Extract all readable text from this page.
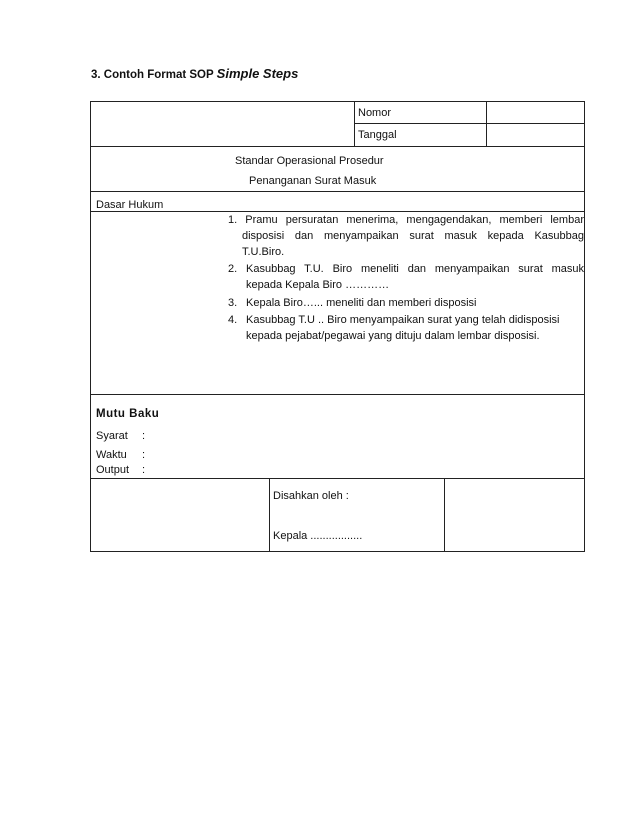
3. Contoh Format SOP Simple Steps
Nomor
Tanggal
Standar Operasional Prosedur
Penanganan Surat Masuk
Dasar Hukum
1. Pramu persuratan menerima, mengagendakan, memberi lembar
disposisi dan menyampaikan surat masuk kepada Kasubbag
T.U.Biro.
2. Kasubbag T.U. Biro meneliti dan menyampaikan surat masuk
kepada Kepala Biro …………
3. Kepala Biro…... meneliti dan memberi disposisi
4. Kasubbag T.U .. Biro menyampaikan surat yang telah didisposisi
kepada pejabat/pegawai yang dituju dalam lembar disposisi.
Mutu Baku
Syarat :
Waktu :
Output :
Disahkan oleh :
Kepala .................
